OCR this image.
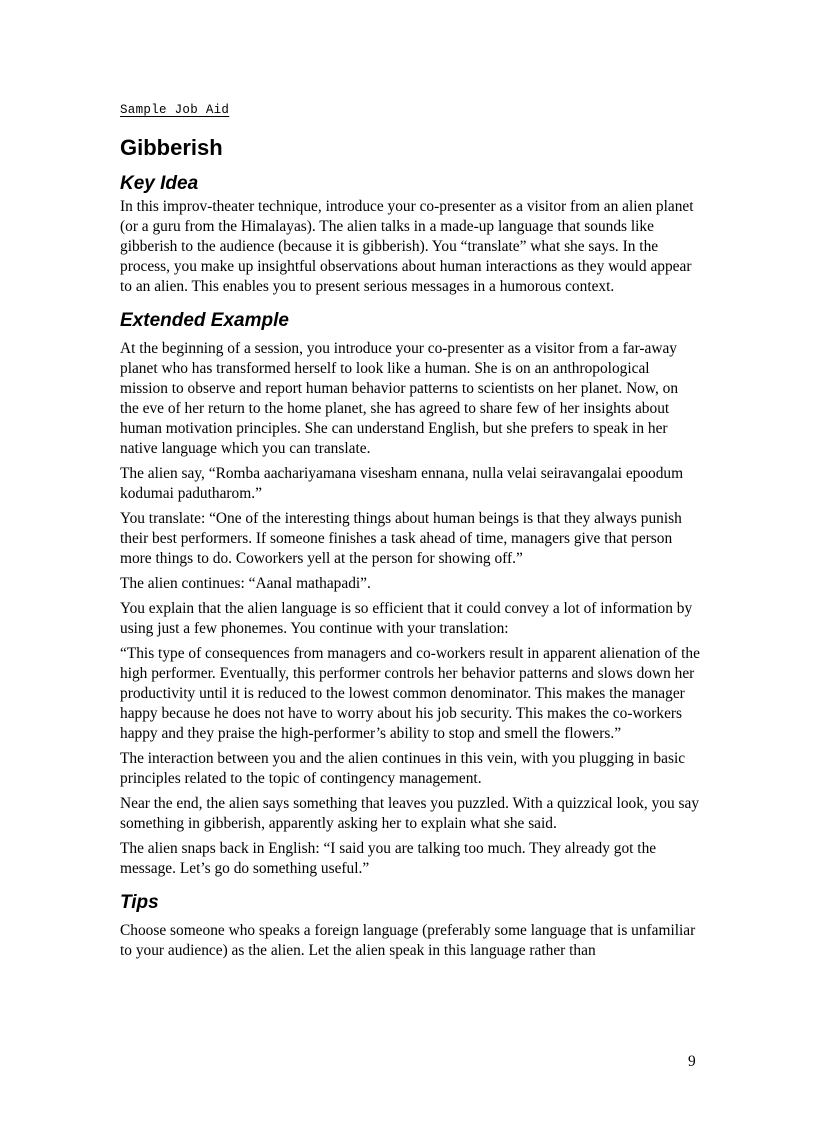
Sample Job Aid

Gibberish
Key Idea

In this improv-theater technique, introduce your co-presenter as a visitor from an alien planet (or a guru from the Himalayas). The alien talks in a made-up language that sounds like gibberish to the audience (because it is gibberish). You “translate” what she says. In the process, you make up insightful observations about human interactions as they would appear to an alien. This enables you to present serious messages in a humorous context.

Extended Example

At the beginning of a session, you introduce your co-presenter as a visitor from a far-away planet who has transformed herself to look like a human. She is on an anthropological mission to observe and report human behavior patterns to scientists on her planet. Now, on the eve of her return to the home planet, she has agreed to share few of her insights about human motivation principles. She can understand English, but she prefers to speak in her native language which you can translate.

The alien say, “Romba aachariyamana visesham ennana, nulla velai seiravangalai epoodum kodumai padutharom.”

You translate: “One of the interesting things about human beings is that they always punish their best performers. If someone finishes a task ahead of time, managers give that person more things to do. Coworkers yell at the person for showing off.”

The alien continues: “Aanal mathapadi”.

You explain that the alien language is so efficient that it could convey a lot of information by using just a few phonemes. You continue with your translation:

“This type of consequences from managers and co-workers result in apparent alienation of the high performer. Eventually, this performer controls her behavior patterns and slows down her productivity until it is reduced to the lowest common denominator. This makes the manager happy because he does not have to worry about his job security. This makes the co-workers happy and they praise the high-performer’s ability to stop and smell the flowers.”

The interaction between you and the alien continues in this vein, with you plugging in basic principles related to the topic of contingency management.

Near the end, the alien says something that leaves you puzzled. With a quizzical look, you say something in gibberish, apparently asking her to explain what she said.

The alien snaps back in English: “I said you are talking too much. They already got the message. Let’s go do something useful.”

Tips

Choose someone who speaks a foreign language (preferably some language that is unfamiliar to your audience) as the alien. Let the alien speak in this language rather than

9
